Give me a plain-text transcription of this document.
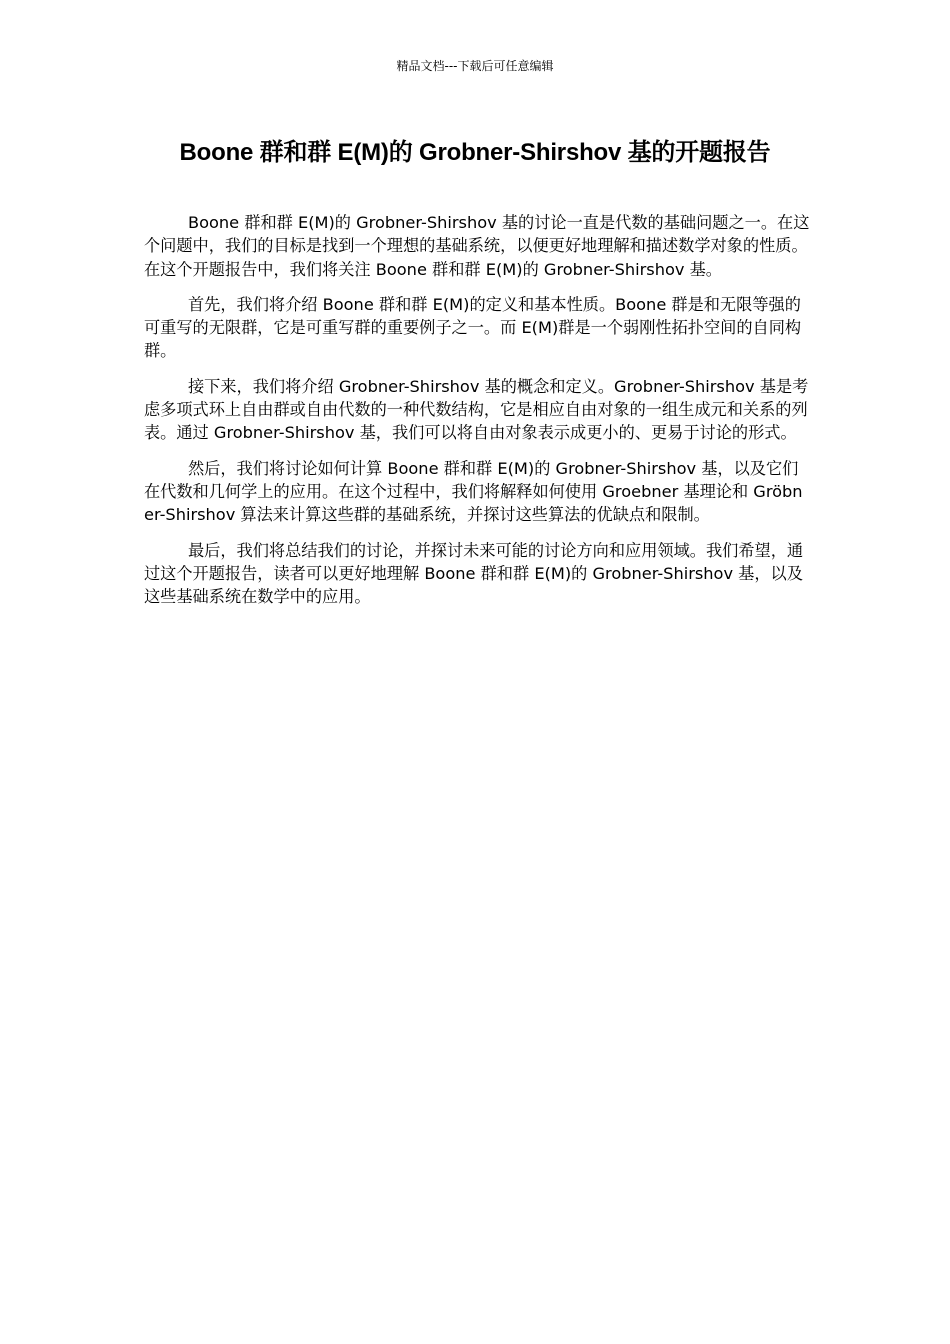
精品文档---下载后可任意编辑
Boone 群和群 E(M)的 Grobner-Shirshov 基的开题报告

Boone 群和群 E(M)的 Grobner-Shirshov 基的讨论一直是代数的基础问题之一。在这个问题中，我们的目标是找到一个理想的基础系统，以便更好地理解和描述数学对象的性质。在这个开题报告中，我们将关注 Boone 群和群 E(M)的 Grobner-Shirshov 基。

首先，我们将介绍 Boone 群和群 E(M)的定义和基本性质。Boone 群是和无限等强的可重写的无限群，它是可重写群的重要例子之一。而 E(M)群是一个弱刚性拓扑空间的自同构群。

接下来，我们将介绍 Grobner-Shirshov 基的概念和定义。Grobner-Shirshov 基是考虑多项式环上自由群或自由代数的一种代数结构，它是相应自由对象的一组生成元和关系的列表。通过 Grobner-Shirshov 基，我们可以将自由对象表示成更小的、更易于讨论的形式。

然后，我们将讨论如何计算 Boone 群和群 E(M)的 Grobner-Shirshov 基，以及它们在代数和几何学上的应用。在这个过程中，我们将解释如何使用 Groebner 基理论和 Gröbner-Shirshov 算法来计算这些群的基础系统，并探讨这些算法的优缺点和限制。

最后，我们将总结我们的讨论，并探讨未来可能的讨论方向和应用领域。我们希望，通过这个开题报告，读者可以更好地理解 Boone 群和群 E(M)的 Grobner-Shirshov 基，以及这些基础系统在数学中的应用。
